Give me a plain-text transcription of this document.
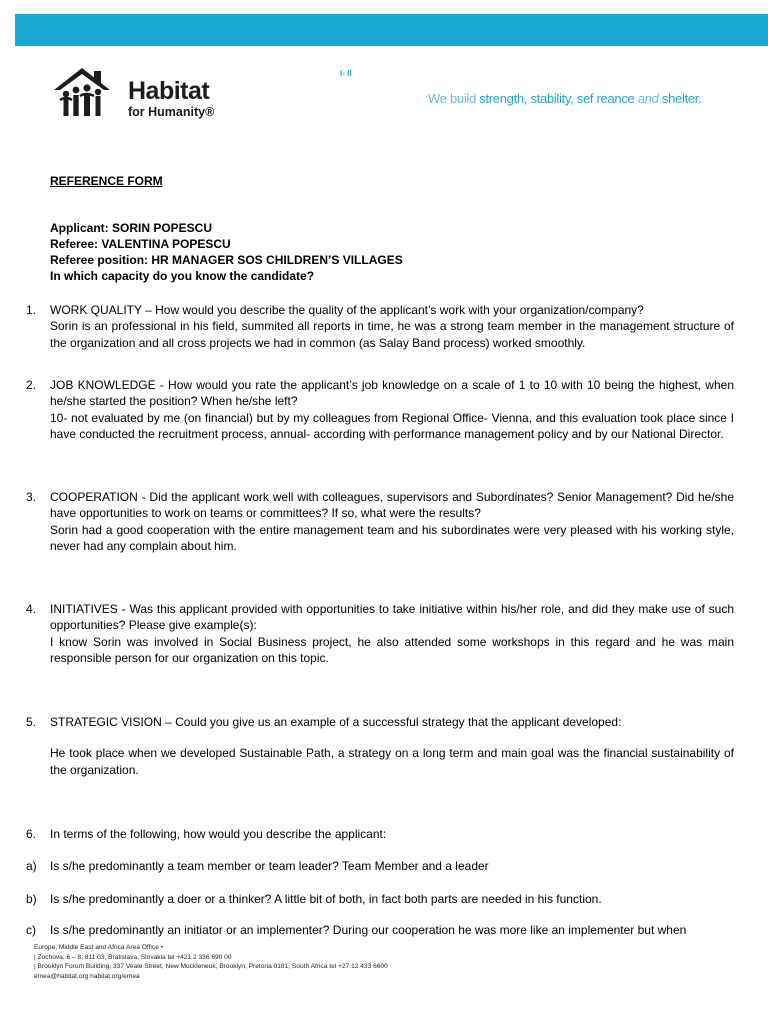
Habitat
for Humanity®
I- II
We build strength, stability, sef reance and shelter.
REFERENCE FORM
Applicant: SORIN POPESCU
Referee: VALENTINA POPESCU
Referee position: HR MANAGER SOS CHILDREN’S VILLAGES
In which capacity do you know the candidate?
1.	WORK QUALITY – How would you describe the quality of the applicant’s work with your organization/company?

Sorin is an professional in his field, summited all reports in time, he was a strong team member in the management structure of the organization and all cross projects we had in common (as Salay Band process) worked smoothly.

2.	JOB KNOWLEDGE - How would you rate the applicant’s job knowledge on a scale of 1 to 10 with 10 being the highest, when he/she started the position? When he/she left?

10- not evaluated by me (on financial) but by my colleagues from Regional Office- Vienna, and this evaluation took place since I have conducted the recruitment process, annual- according with performance management policy and by our National Director.

3.	COOPERATION - Did the applicant work well with colleagues, supervisors and Subordinates? Senior Management? Did he/she have opportunities to work on teams or committees? If so, what were the results?

Sorin had a good cooperation with the entire management team and his subordinates were very pleased with his working style, never had any complain about him.

4.	INITIATIVES - Was this applicant provided with opportunities to take initiative within his/her role, and did they make use of such opportunities? Please give example(s):

I know Sorin was involved in Social Business project, he also attended some workshops in this regard and he was main responsible person for our organization on this topic.

5.	STRATEGIC VISION – Could you give us an example of a successful strategy that the applicant developed:

He took place when we developed Sustainable Path, a strategy on a long term and main goal was the financial sustainability of the organization.

6.	In terms of the following, how would you describe the applicant:

a)	Is s/he predominantly a team member or team leader? Team Member and a leader

b)	Is s/he predominantly a doer or a thinker? A little bit of both, in fact both parts are needed in his function.

c)	Is s/he predominantly an initiator or an implementer? During our cooperation he was more like an implementer but when

Europe, Middle East and Africa Area Office •
| Zochova, 6 – 8, 811 03, Bratislava, Slovakia tel +421 2 336 690 00
| Brooklyn Forum Building, 337 Veale Street, New Muckleneuk, Brooklyn, Pretoria 0181, South Africa tel +27 12 433 6600
emea@habitat.org habitat.org/emea
